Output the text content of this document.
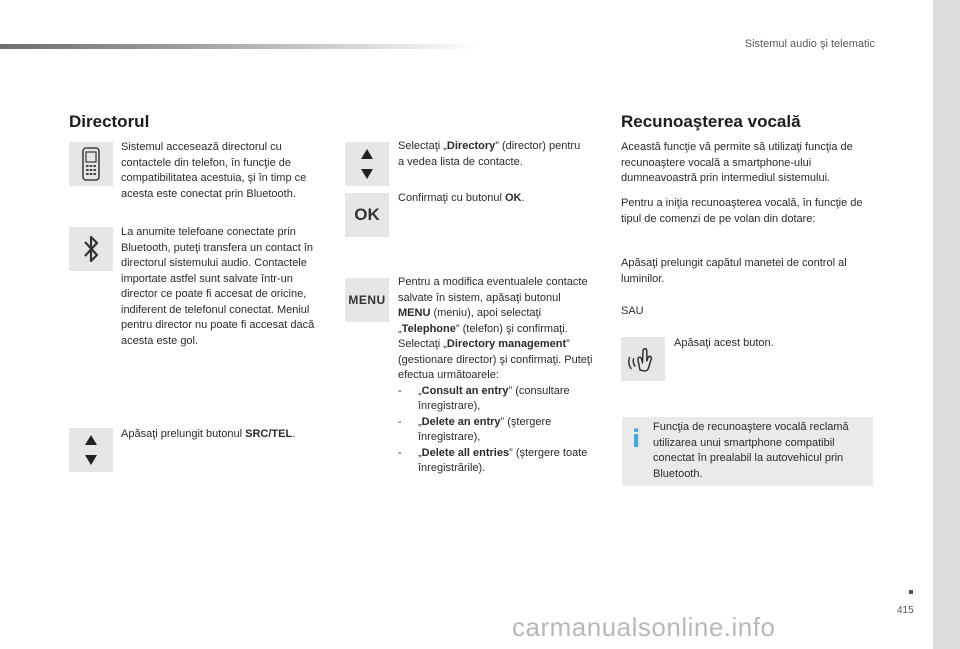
Sistemul audio şi telematic
Directorul
Sistemul accesează directorul cu contactele din telefon, în funcţie de compatibilitatea acestuia, şi în timp ce acesta este conectat prin Bluetooth.
La anumite telefoane conectate prin Bluetooth, puteţi transfera un contact în directorul sistemului audio. Contactele importate astfel sunt salvate într-un director ce poate fi accesat de oricine, indiferent de telefonul conectat. Meniul pentru director nu poate fi accesat dacă acesta este gol.
Apăsaţi prelungit butonul SRC/TEL.
Selectaţi „Directory” (director) pentru a vedea lista de contacte.
OK
Confirmaţi cu butonul OK.
MENU
Pentru a modifica eventualele contacte salvate în sistem, apăsaţi butonul MENU (meniu), apoi selectaţi „Telephone” (telefon) şi confirmaţi. Selectaţi „Directory management” (gestionare director) şi confirmaţi. Puteţi efectua următoarele:
- „Consult an entry” (consultare înregistrare),
- „Delete an entry” (ştergere înregistrare),
- „Delete all entries” (ştergere toate înregistrările).
Recunoaşterea vocală
Această funcţie vă permite să utilizaţi funcţia de recunoaştere vocală a smartphone-ului dumneavoastră prin intermediul sistemului.
Pentru a iniţia recunoaşterea vocală, în funcţie de tipul de comenzi de pe volan din dotare:
Apăsaţi prelungit capătul manetei de control al luminilor.
SAU
Apăsaţi acest buton.
i Funcţia de recunoaştere vocală reclamă utilizarea unui smartphone compatibil conectat în prealabil la autovehicul prin Bluetooth.
415
carmanualsonline.info
